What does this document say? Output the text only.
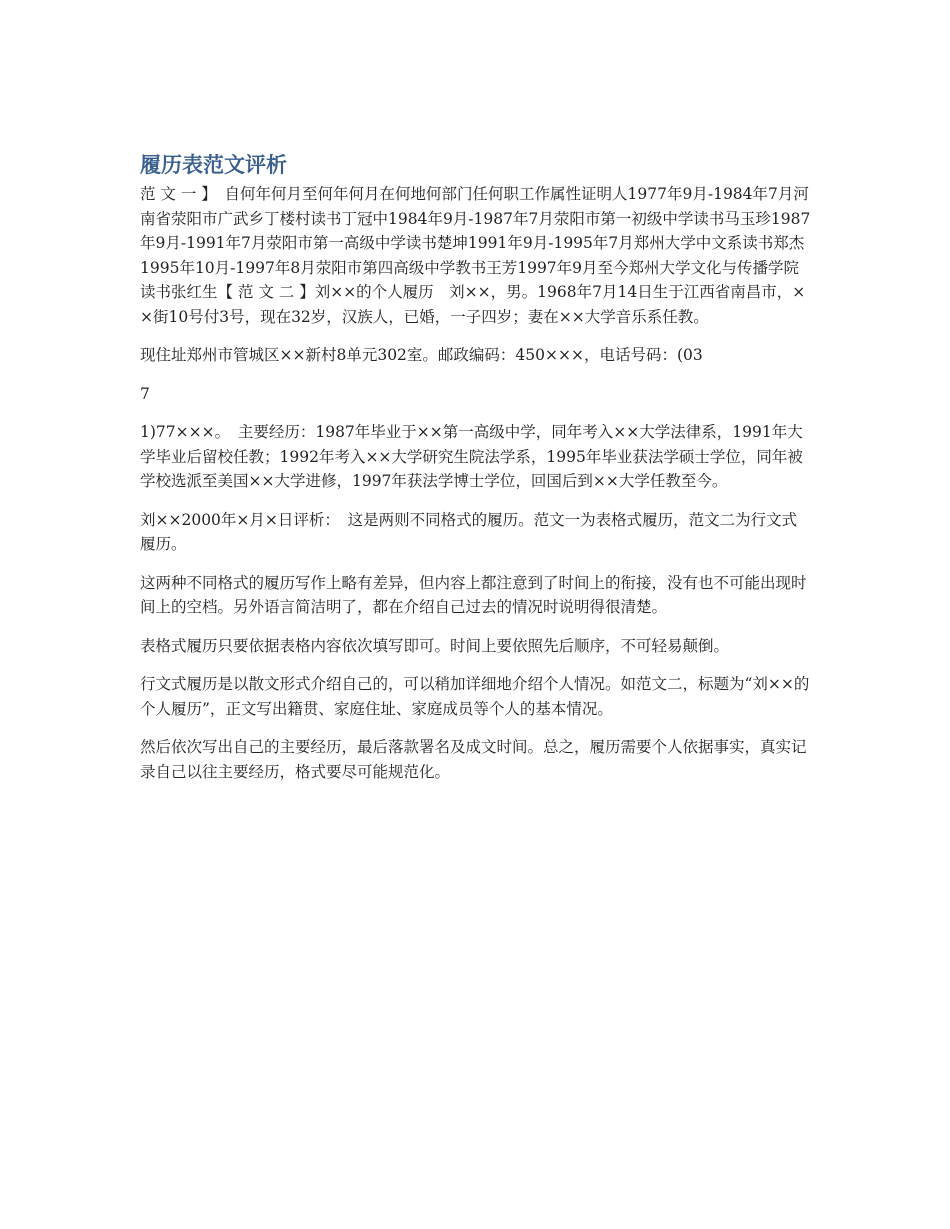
履历表范文评析

范 文 一 】　自何年何月至何年何月在何地何部门任何职工作属性证明人1977年9月-1984年7月河南省荥阳市广武乡丁楼村读书丁冠中1984年9月-1987年7月荥阳市第一初级中学读书马玉珍1987年9月-1991年7月荥阳市第一高级中学读书楚坤1991年9月-1995年7月郑州大学中文系读书郑杰1995年10月-1997年8月荥阳市第四高级中学教书王芳1997年9月至今郑州大学文化与传播学院读书张红生【 范 文 二 】刘××的个人履历　刘××，男。1968年7月14日生于江西省南昌市，××街10号付3号，现在32岁，汉族人，已婚，一子四岁；妻在××大学音乐系任教。

现住址郑州市管城区××新村8单元302室。邮政编码：450×××，电话号码：(03

7

1)77×××。　主要经历：1987年毕业于××第一高级中学，同年考入××大学法律系，1991年大学毕业后留校任教；1992年考入××大学研究生院法学系，1995年毕业获法学硕士学位，同年被学校选派至美国××大学进修，1997年获法学博士学位，回国后到××大学任教至今。

刘××2000年×月×日评析：　这是两则不同格式的履历。范文一为表格式履历，范文二为行文式履历。

这两种不同格式的履历写作上略有差异，但内容上都注意到了时间上的衔接，没有也不可能出现时间上的空档。另外语言简洁明了，都在介绍自己过去的情况时说明得很清楚。

表格式履历只要依据表格内容依次填写即可。时间上要依照先后顺序，不可轻易颠倒。

行文式履历是以散文形式介绍自己的，可以稍加详细地介绍个人情况。如范文二，标题为“刘××的个人履历”，正文写出籍贯、家庭住址、家庭成员等个人的基本情况。

然后依次写出自己的主要经历，最后落款署名及成文时间。总之，履历需要个人依据事实，真实记录自己以往主要经历，格式要尽可能规范化。
